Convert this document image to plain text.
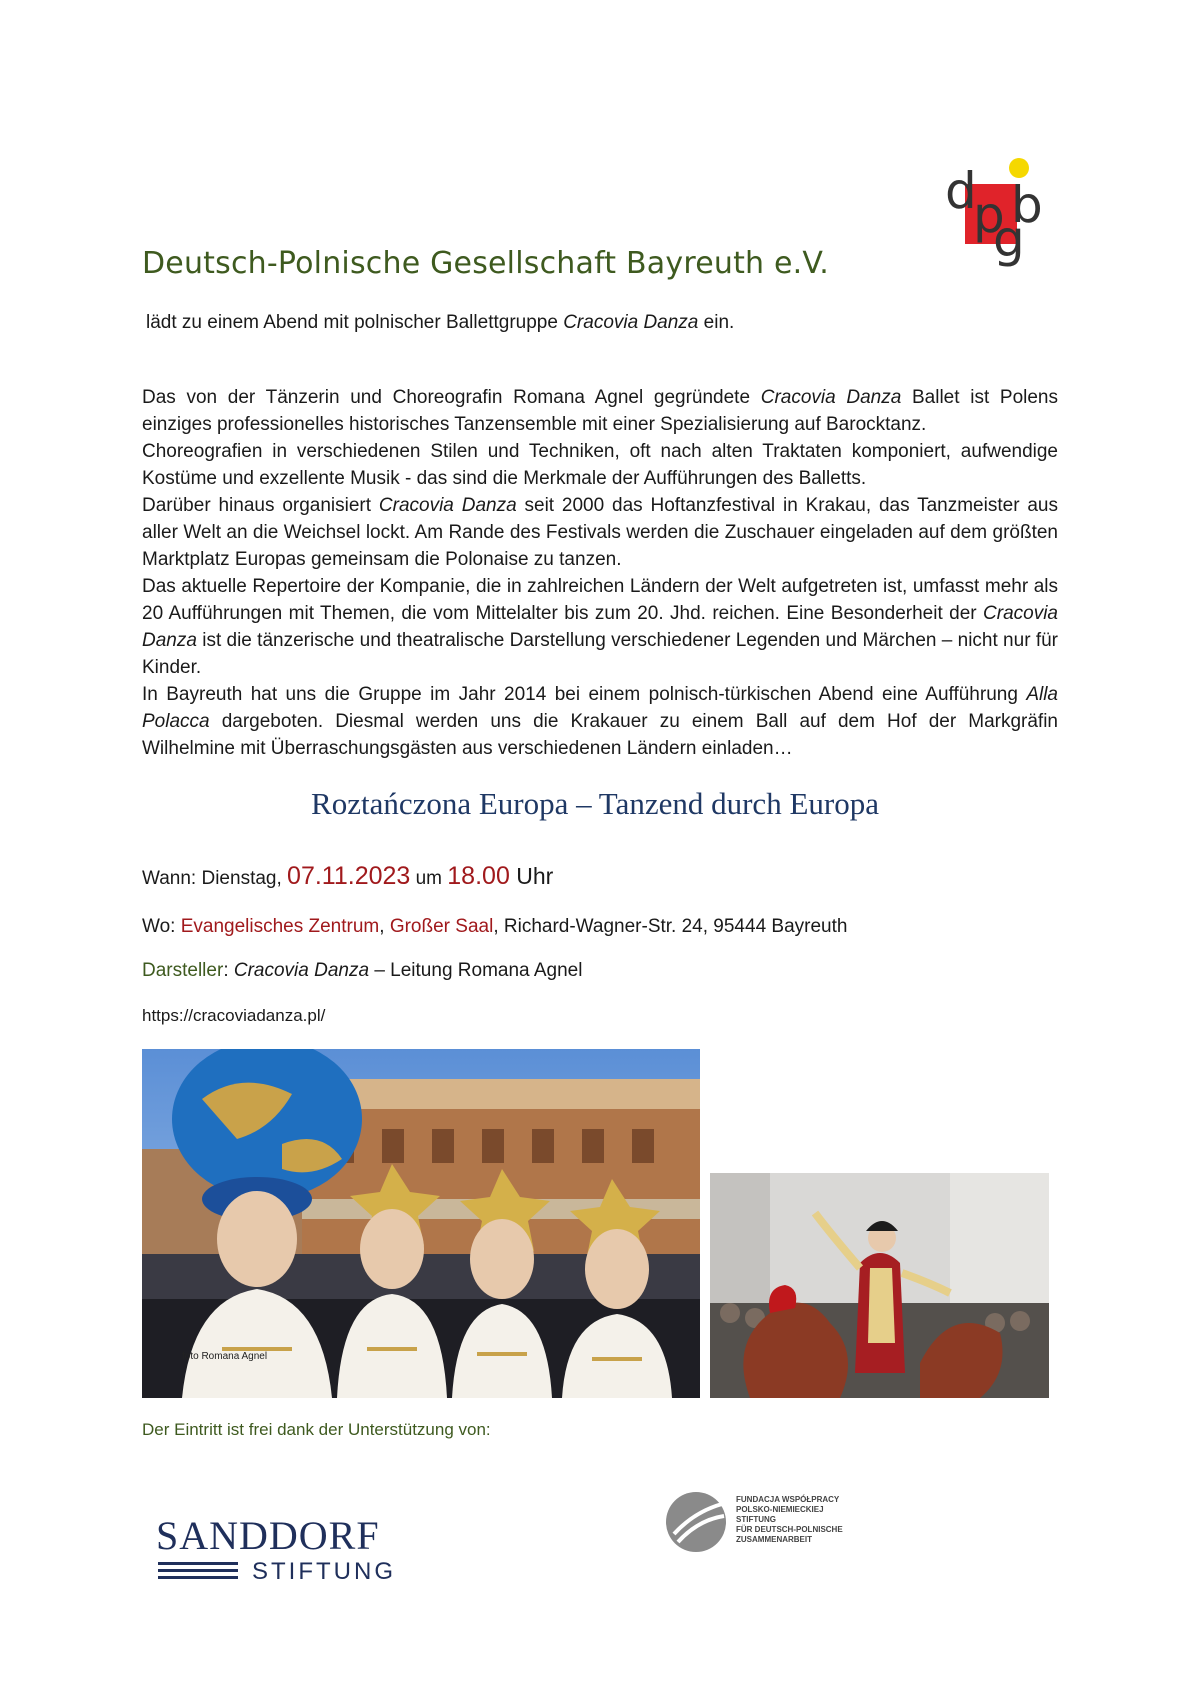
d
p
g
b
Deutsch-Polnische Gesellschaft Bayreuth e.V.
lädt zu einem Abend mit polnischer Ballettgruppe Cracovia Danza ein.

Das von der Tänzerin und Choreografin Romana Agnel gegründete Cracovia Danza Ballet ist Polens einziges professionelles historisches Tanzensemble mit einer Spezialisierung auf Barocktanz.

Choreografien in verschiedenen Stilen und Techniken, oft nach alten Traktaten komponiert, aufwendige Kostüme und exzellente Musik - das sind die Merkmale der Aufführungen des Balletts.

Darüber hinaus organisiert Cracovia Danza seit 2000 das Hoftanzfestival in Krakau, das Tanzmeister aus aller Welt an die Weichsel lockt. Am Rande des Festivals werden die Zuschauer eingeladen auf dem größten Marktplatz Europas gemeinsam die Polonaise zu tanzen.

Das aktuelle Repertoire der Kompanie, die in zahlreichen Ländern der Welt aufgetreten ist, umfasst mehr als 20 Aufführungen mit Themen, die vom Mittelalter bis zum 20. Jhd. reichen. Eine Besonderheit der Cracovia Danza ist die tänzerische und theatralische Darstellung verschiedener Legenden und Märchen – nicht nur für Kinder.

In Bayreuth hat uns die Gruppe im Jahr 2014 bei einem polnisch-türkischen Abend eine Aufführung Alla Polacca dargeboten. Diesmal werden uns die Krakauer zu einem Ball auf dem Hof der Markgräfin Wilhelmine mit Überraschungsgästen aus verschiedenen Ländern einladen…

Roztańczona Europa – Tanzend durch Europa
Wann: Dienstag, 07.11.2023 um 18.00 Uhr
Wo: Evangelisches Zentrum, Großer Saal, Richard-Wagner-Str. 24, 95444 Bayreuth
Darsteller: Cracovia Danza – Leitung Romana Agnel
https://cracoviadanza.pl/
foto Romana Agnel
Der Eintritt ist frei dank der Unterstützung von:
SANDDORF
STIFTUNG
FUNDACJA WSPÓŁPRACY
POLSKO-NIEMIECKIEJ
STIFTUNG
FÜR DEUTSCH-POLNISCHE
ZUSAMMENARBEIT
